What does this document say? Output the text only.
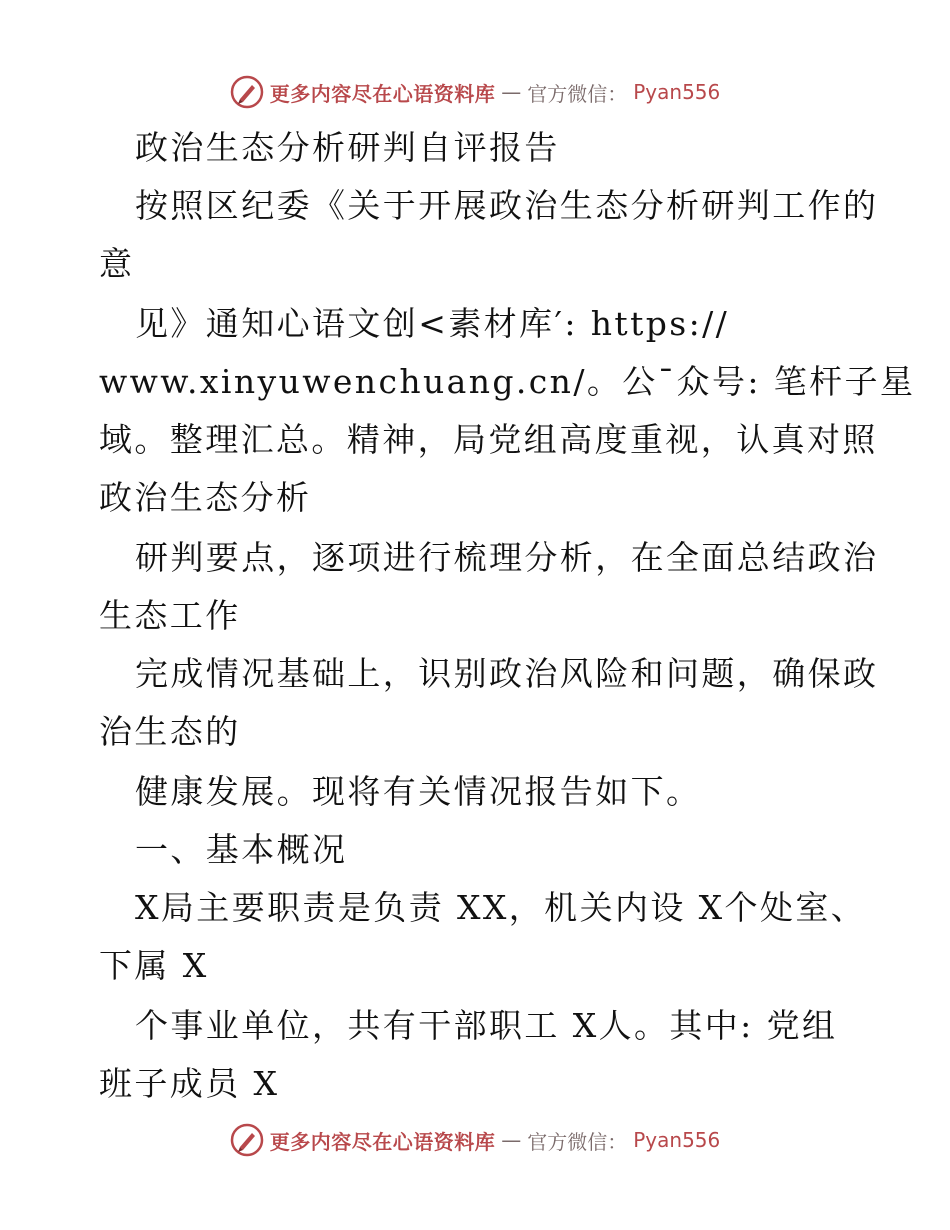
更多内容尽在心语资料库 — 官方微信： Pyan556
政治生态分析研判自评报告
按照区纪委《关于开展政治生态分析研判工作的
意
见》通知心语文创<素材库′: https://
www.xinyuwenchuang.cn/。公¯众号: 笔杆子星
域。整理汇总。精神，局党组高度重视，认真对照
政治生态分析
研判要点，逐项进行梳理分析，在全面总结政治
生态工作
完成情况基础上，识别政治风险和问题，确保政
治生态的
健康发展。现将有关情况报告如下。
一、基本概况
X局主要职责是负责 XX，机关内设 X个处室、
下属 X
个事业单位，共有干部职工 X人。其中: 党组
班子成员 X
更多内容尽在心语资料库 — 官方微信： Pyan556
